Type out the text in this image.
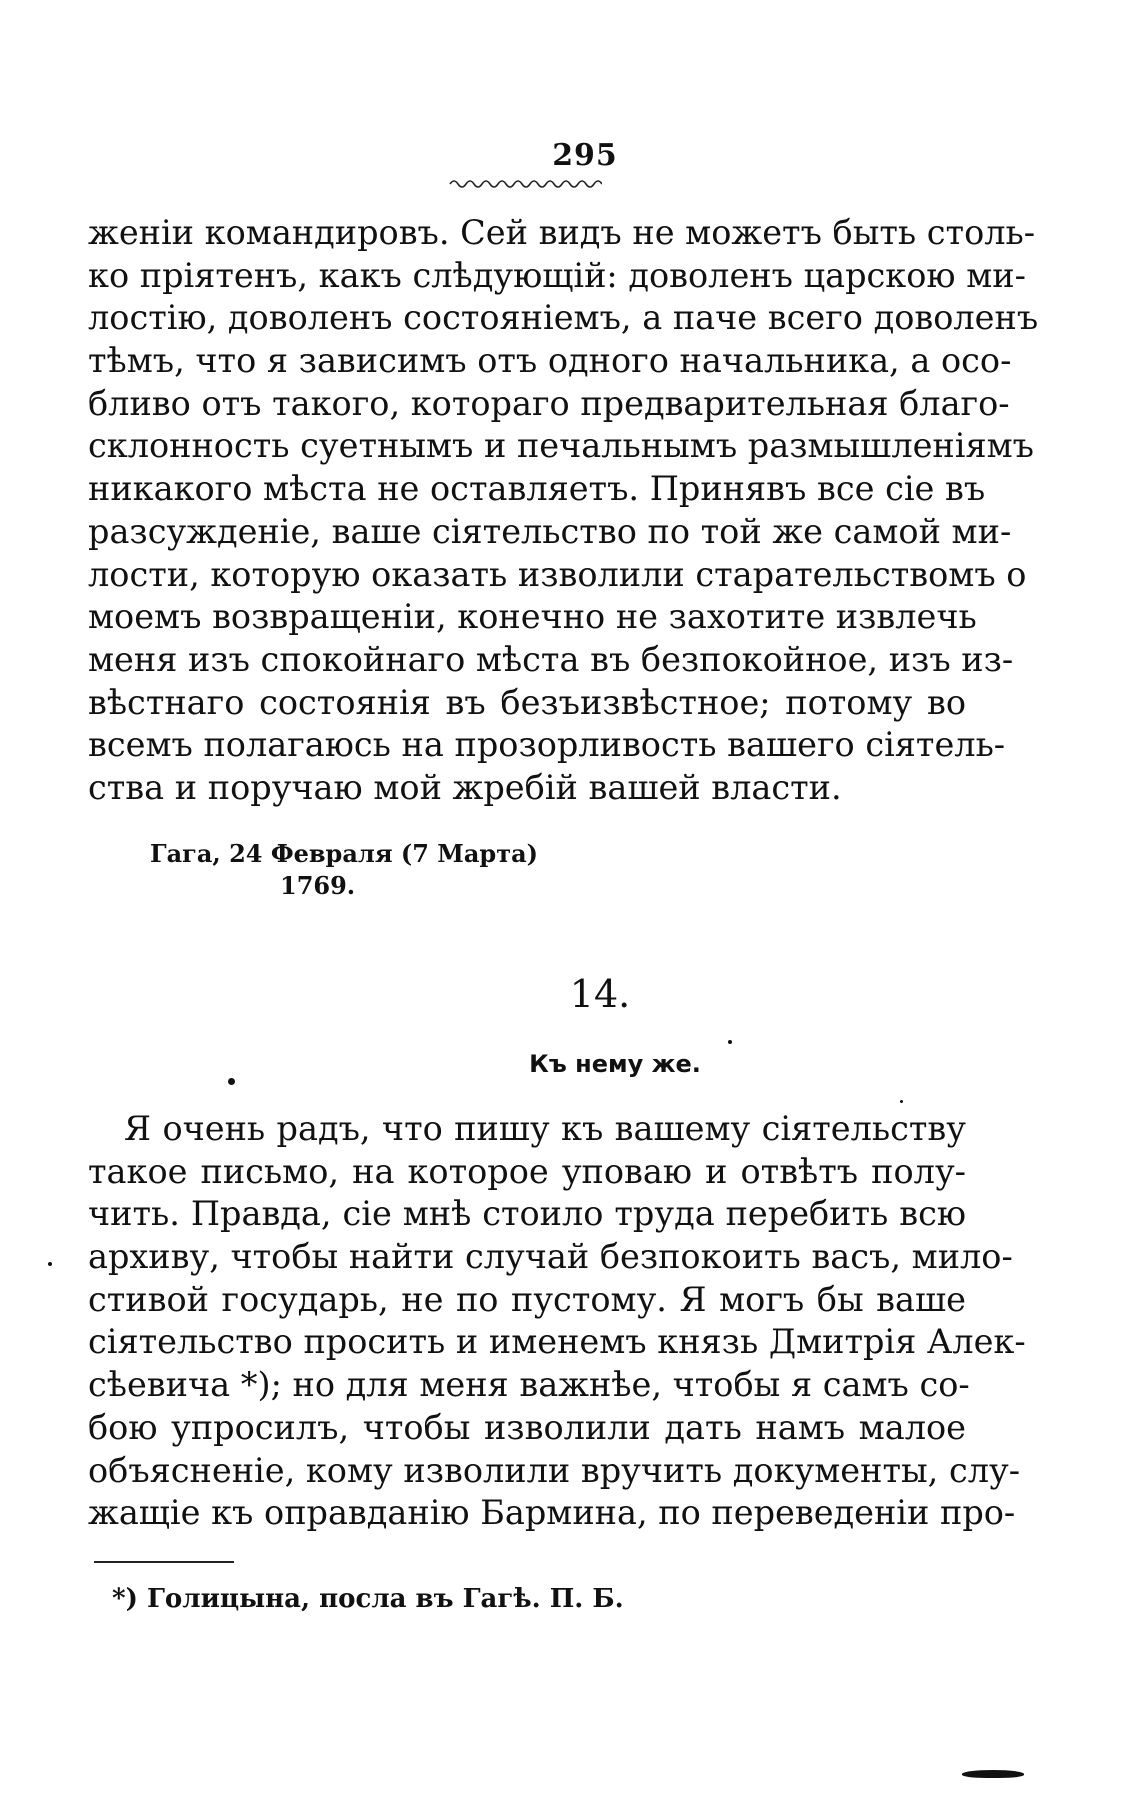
295
женіи командировъ. Сей видъ не можетъ быть столь-
ко пріятенъ, какъ слѣдующій: доволенъ царскою ми-
лостію, доволенъ состояніемъ, а паче всего доволенъ
тѣмъ, что я зависимъ отъ одного начальника, а осо-
бливо отъ такого, котораго предварительная благо-
склонность суетнымъ и печальнымъ размышленіямъ
никакого мѣста не оставляетъ. Принявъ все сіе въ
разсужденіе, ваше сіятельство по той же самой ми-
лости, которую оказать изволили старательствомъ о
моемъ возвращеніи, конечно не захотите извлечь
меня изъ спокойнаго мѣста въ безпокойное, изъ из-
вѣстнаго состоянія въ безъизвѣстное; потому во
всемъ полагаюсь на прозорливость вашего сіятель-
ства и поручаю мой жребій вашей власти.
Гага, 24 Февраля (7 Марта)
1769.
14.
Къ нему же.
Я очень радъ, что пишу къ вашему сіятельству
такое письмо, на которое уповаю и отвѣтъ полу-
чить. Правда, сіе мнѣ стоило труда перебить всю
архиву, чтобы найти случай безпокоить васъ, мило-
стивой государь, не по пустому. Я могъ бы ваше
сіятельство просить и именемъ князь Дмитрія Алек-
сѣевича *); но для меня важнѣе, чтобы я самъ со-
бою упросилъ, чтобы изволили дать намъ малое
объясненіе, кому изволили вручить документы, слу-
жащіе къ оправданію Бармина, по переведеніи про-
*) Голицына, посла въ Гагѣ. П. Б.
